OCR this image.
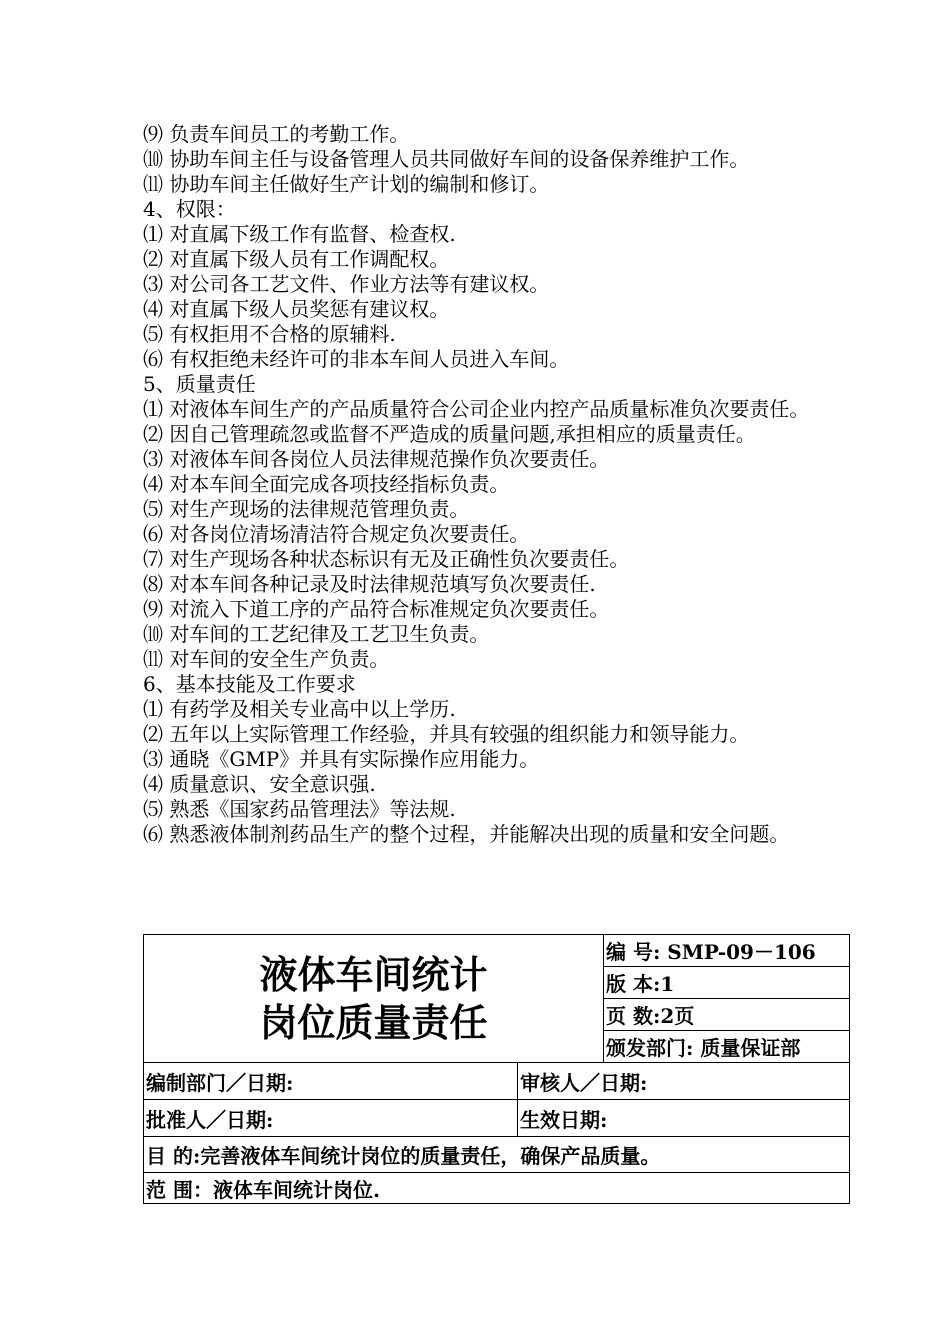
⑼ 负责车间员工的考勤工作。
⑽ 协助车间主任与设备管理人员共同做好车间的设备保养维护工作。
⑾ 协助车间主任做好生产计划的编制和修订。
4、权限：
⑴ 对直属下级工作有监督、检查权.
⑵ 对直属下级人员有工作调配权。
⑶ 对公司各工艺文件、作业方法等有建议权。
⑷ 对直属下级人员奖惩有建议权。
⑸ 有权拒用不合格的原辅料.
⑹ 有权拒绝未经许可的非本车间人员进入车间。
5、质量责任
⑴ 对液体车间生产的产品质量符合公司企业内控产品质量标准负次要责任。
⑵ 因自己管理疏忽或监督不严造成的质量问题,承担相应的质量责任。
⑶ 对液体车间各岗位人员法律规范操作负次要责任。
⑷ 对本车间全面完成各项技经指标负责。
⑸ 对生产现场的法律规范管理负责。
⑹ 对各岗位清场清洁符合规定负次要责任。
⑺ 对生产现场各种状态标识有无及正确性负次要责任。
⑻ 对本车间各种记录及时法律规范填写负次要责任.
⑼ 对流入下道工序的产品符合标准规定负次要责任。
⑽ 对车间的工艺纪律及工艺卫生负责。
⑾ 对车间的安全生产负责。
6、基本技能及工作要求
⑴ 有药学及相关专业高中以上学历.
⑵ 五年以上实际管理工作经验，并具有较强的组织能力和领导能力。
⑶ 通晓《GMP》并具有实际操作应用能力。
⑷ 质量意识、安全意识强.
⑸ 熟悉《国家药品管理法》等法规.
⑹ 熟悉液体制剂药品生产的整个过程，并能解决出现的质量和安全问题。
液体车间统计
岗位质量责任		编 号: SMP-09－106
		版 本:1
		页 数:2页
		颁发部门: 质量保证部
编制部门／日期:	审核人／日期:	
批准人／日期:	生效日期:	
目 的:完善液体车间统计岗位的质量责任，确保产品质量。		
范 围：液体车间统计岗位.		
